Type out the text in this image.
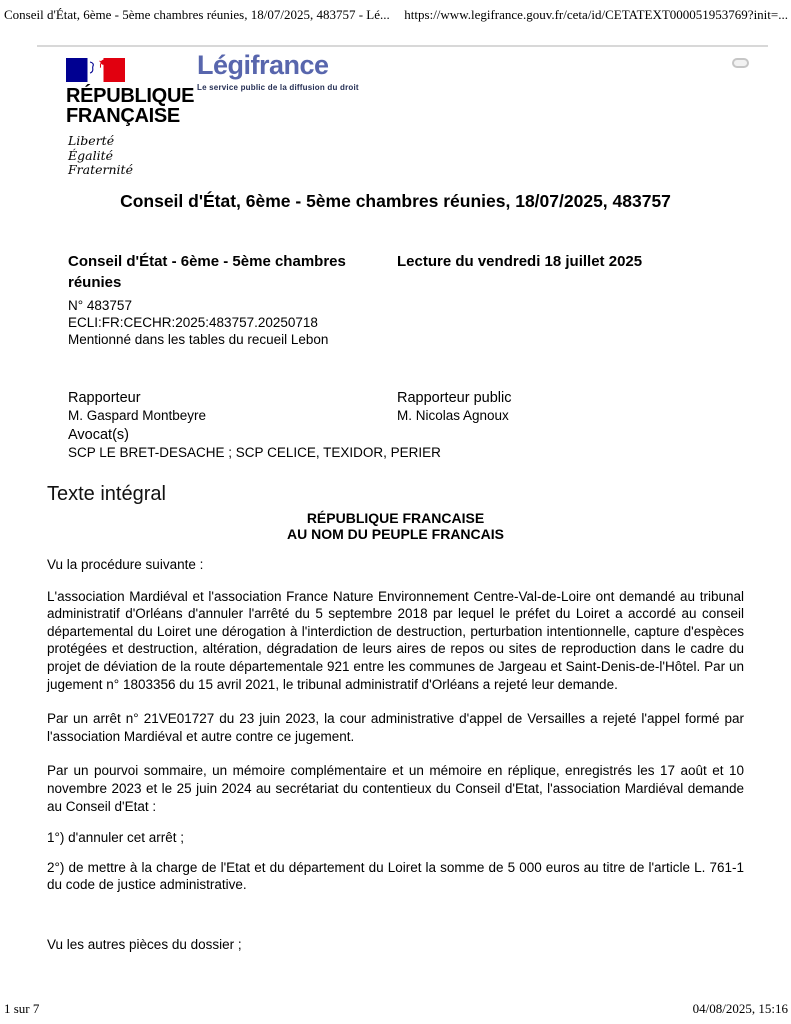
Conseil d'État, 6ème - 5ème chambres réunies, 18/07/2025, 483757 - Lé... https://www.legifrance.gouv.fr/ceta/id/CETATEXT000051953769?init=...
RÉPUBLIQUE
FRANÇAISE
Liberté
Égalité
Fraternité
Légifrance
Le service public de la diffusion du droit
Conseil d'État, 6ème - 5ème chambres réunies, 18/07/2025, 483757
Conseil d'État - 6ème - 5ème chambres réunies
Lecture du vendredi 18 juillet 2025
N° 483757
ECLI:FR:CECHR:2025:483757.20250718
Mentionné dans les tables du recueil Lebon
Rapporteur
M. Gaspard Montbeyre
Rapporteur public
M. Nicolas Agnoux
Avocat(s)
SCP LE BRET-DESACHE ; SCP CELICE, TEXIDOR, PERIER
Texte intégral
RÉPUBLIQUE FRANCAISE
AU NOM DU PEUPLE FRANCAIS

Vu la procédure suivante :

L'association Mardiéval et l'association France Nature Environnement Centre-Val-de-Loire ont demandé au tribunal administratif d'Orléans d'annuler l'arrêté du 5 septembre 2018 par lequel le préfet du Loiret a accordé au conseil départemental du Loiret une dérogation à l'interdiction de destruction, perturbation intentionnelle, capture d'espèces protégées et destruction, altération, dégradation de leurs aires de repos ou sites de reproduction dans le cadre du projet de déviation de la route départementale 921 entre les communes de Jargeau et Saint-Denis-de-l'Hôtel. Par un jugement n° 1803356 du 15 avril 2021, le tribunal administratif d'Orléans a rejeté leur demande.

Par un arrêt n° 21VE01727 du 23 juin 2023, la cour administrative d'appel de Versailles a rejeté l'appel formé par l'association Mardiéval et autre contre ce jugement.

Par un pourvoi sommaire, un mémoire complémentaire et un mémoire en réplique, enregistrés les 17 août et 10 novembre 2023 et le 25 juin 2024 au secrétariat du contentieux du Conseil d'Etat, l'association Mardiéval demande au Conseil d'Etat :

1°) d'annuler cet arrêt ;

2°) de mettre à la charge de l'Etat et du département du Loiret la somme de 5 000 euros au titre de l'article L. 761-1 du code de justice administrative.

Vu les autres pièces du dossier ;

1 sur 7	04/08/2025, 15:16
